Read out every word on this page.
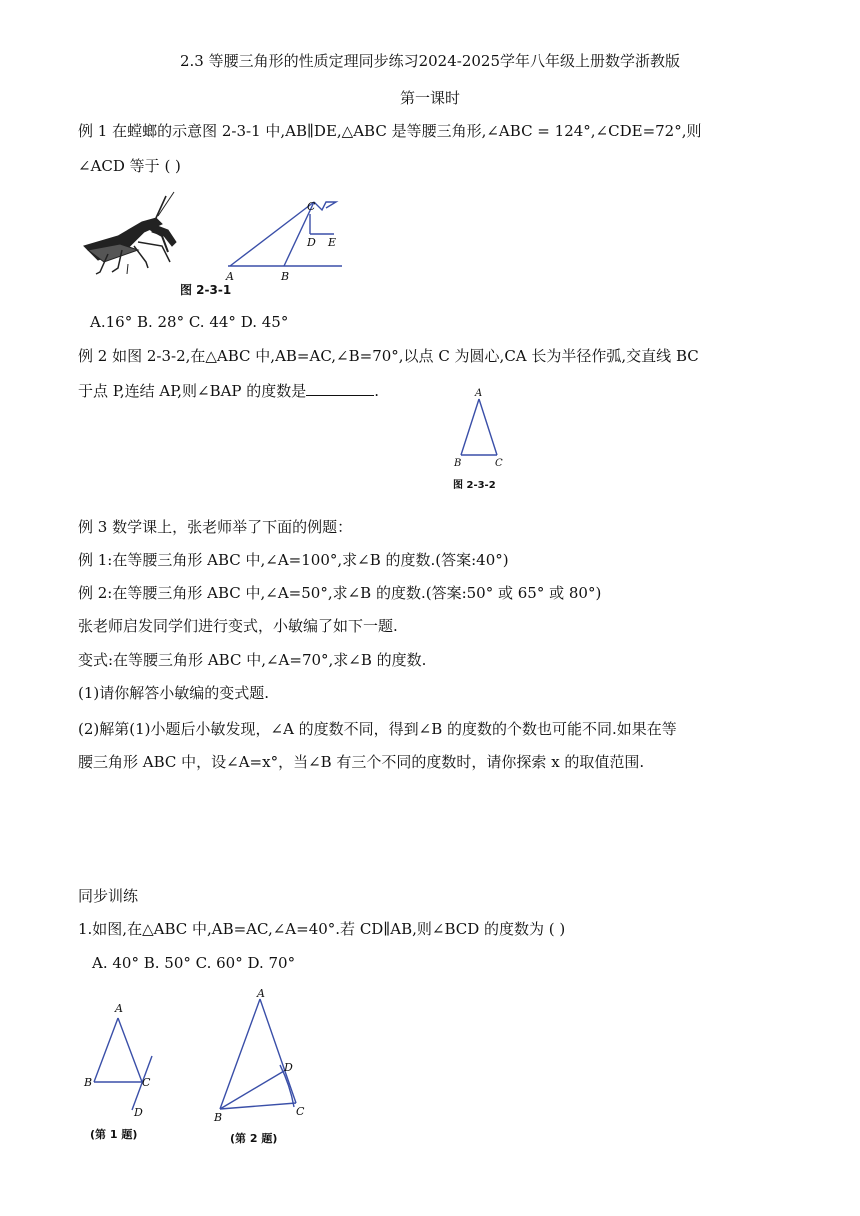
2.3 等腰三角形的性质定理同步练习2024-2025学年八年级上册数学浙教版
第一课时
例 1 在螳螂的示意图 2-3-1 中,AB∥DE,△ABC 是等腰三角形,∠ABC = 124°,∠CDE=72°,则
∠ACD 等于 ( )
A	B
C
D E
图 2-3-1
A.16° B. 28° C. 44° D. 45°
例 2 如图 2-3-2,在△ABC 中,AB=AC,∠B=70°,以点 C 为圆心,CA 长为半径作弧,交直线 BC
于点 P,连结 AP,则∠BAP 的度数是	.	A
B	C
图 2-3-2
例 3 数学课上，张老师举了下面的例题：
例 1:在等腰三角形 ABC 中,∠A=100°,求∠B 的度数.(答案:40°)
例 2:在等腰三角形 ABC 中,∠A=50°,求∠B 的度数.(答案:50° 或 65° 或 80°)
张老师启发同学们进行变式，小敏编了如下一题.
变式:在等腰三角形 ABC 中,∠A=70°,求∠B 的度数.
(1)请你解答小敏编的变式题.
(2)解第(1)小题后小敏发现，∠A 的度数不同，得到∠B 的度数的个数也可能不同.如果在等
腰三角形 ABC 中，设∠A=x°，当∠B 有三个不同的度数时，请你探索 x 的取值范围.
同步训练
1.如图,在△ABC 中,AB=AC,∠A=40°.若 CD∥AB,则∠BCD 的度数为 ( )
A. 40° B. 50° C. 60° D. 70°
A
B	C
D
(第 1 题)
A
B	C
D
(第 2 题)
